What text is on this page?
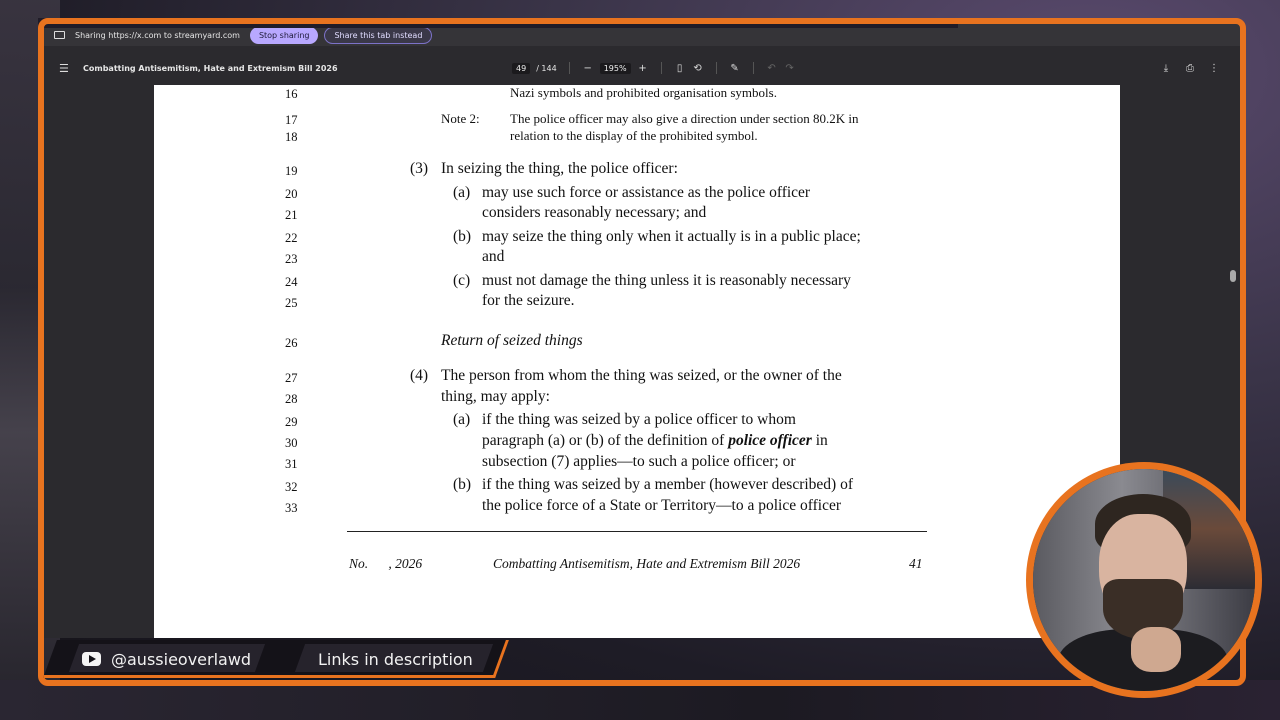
Sharing https://x.com to streamyard.com	Stop sharing	Share this tab instead
☰ Combatting Antisemitism, Hate and Extremism Bill 2026	49	/ 144	−	195%	+	▯	⟲	✎	↶ ↷	⤓	⎙ ⋮
16
17
18
19
20
21
22
23
24
25
26
27
28
29
30
31
32
33
Nazi symbols and prohibited organisation symbols.
Note 2: The police officer may also give a direction under section 80.2K in
relation to the display of the prohibited symbol.
(3) In seizing the thing, the police officer:
(a) may use such force or assistance as the police officer
considers reasonably necessary; and
(b) may seize the thing only when it actually is in a public place;
and
(c) must not damage the thing unless it is reasonably necessary
for the seizure.
Return of seized things
(4) The person from whom the thing was seized, or the owner of the
thing, may apply:
(a) if the thing was seized by a police officer to whom
paragraph (a) or (b) of the definition of police officer in
subsection (7) applies—to such a police officer; or
(b) if the thing was seized by a member (however described) of
the police force of a State or Territory—to a police officer
No.      , 2026	Combatting Antisemitism, Hate and Extremism Bill 2026	41
@aussieoverlawd	Links in description
